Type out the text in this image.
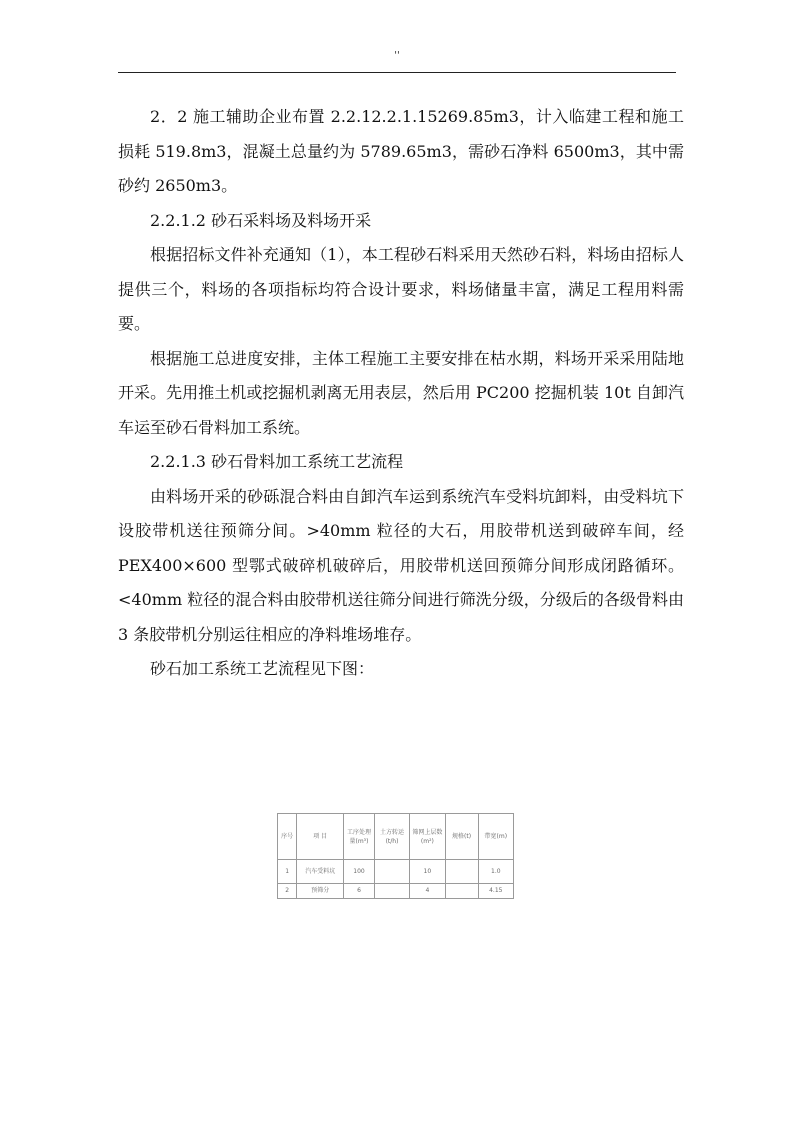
''

2．2 施工辅助企业布置 2.2.12.2.1.15269.85m3，计入临建工程和施工损耗 519.8m3，混凝土总量约为 5789.65m3，需砂石净料 6500m3，其中需砂约 2650m3。

2.2.1.2 砂石采料场及料场开采

根据招标文件补充通知（1），本工程砂石料采用天然砂石料，料场由招标人提供三个，料场的各项指标均符合设计要求，料场储量丰富，满足工程用料需要。

根据施工总进度安排，主体工程施工主要安排在枯水期，料场开采采用陆地开采。先用推土机或挖掘机剥离无用表层，然后用 PC200 挖掘机装 10t 自卸汽车运至砂石骨料加工系统。

2.2.1.3 砂石骨料加工系统工艺流程

由料场开采的砂砾混合料由自卸汽车运到系统汽车受料坑卸料，由受料坑下设胶带机送往预筛分间。>40mm 粒径的大石，用胶带机送到破碎车间，经 PEX400×600 型鄂式破碎机破碎后，用胶带机送回预筛分间形成闭路循环。<40mm 粒径的混合料由胶带机送往筛分间进行筛洗分级，分级后的各级骨料由 3 条胶带机分别运往相应的净料堆场堆存。

砂石加工系统工艺流程见下图：

序号	项 目	工序处理量(m³)	土方转运(t/h)	筛网上层数(m²)	规格(t)	带宽(m)
1	汽车受料坑	100		10		1.0
2	预筛分	6		4		4.15
